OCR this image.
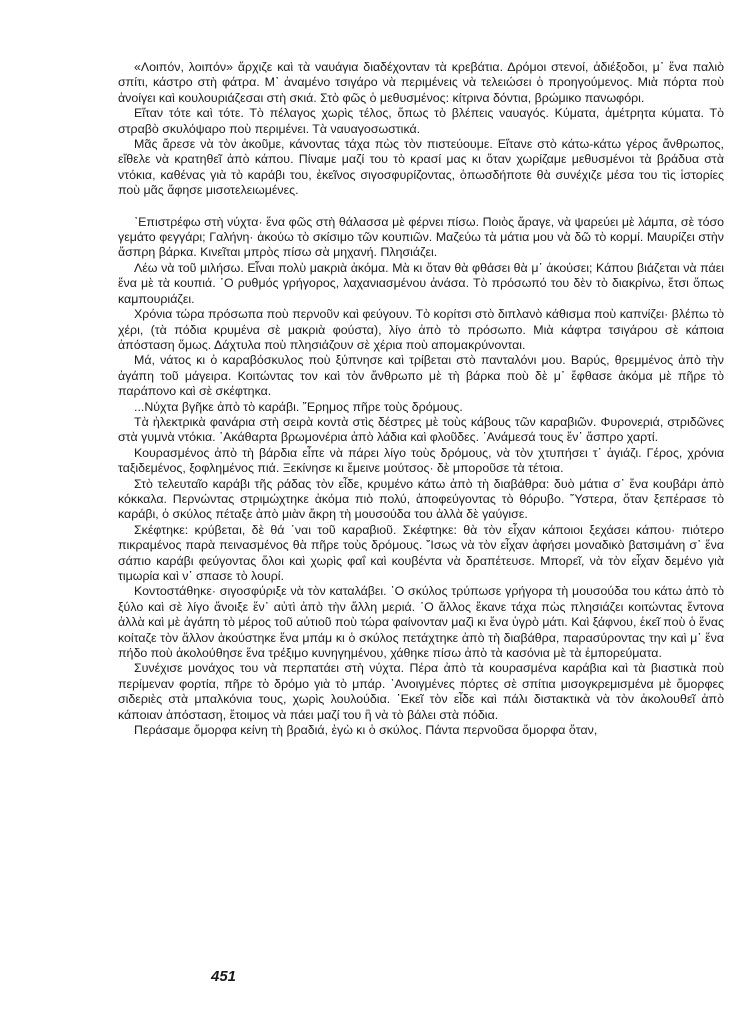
«Λοιπόν, λοιπόν» ἄρχιζε καὶ τὰ ναυάγια διαδέχονταν τὰ κρεβάτια. Δρόμοι στενοί, ἀδιέξοδοι, μ᾿ ἕνα παλιὸ σπίτι, κάστρο στὴ φάτρα. Μ᾿ ἀναμένο τσιγάρο νὰ περιμένεις νὰ τελειώσει ὁ προηγούμενος. Μιὰ πόρτα ποὺ ἀνοίγει καὶ κουλουριάζεσαι στὴ σκιά. Στὸ φῶς ὁ μεθυσμένος: κίτρινα δόντια, βρώμικο πανωφόρι.

Εἴταν τότε καὶ τότε. Τὸ πέλαγος χωρὶς τέλος, ὅπως τὸ βλέπεις ναυαγός. Κύματα, ἀμέτρητα κύματα. Τὸ στραβὸ σκυλόψαρο ποὺ περιμένει. Τὰ ναυαγοσωστικά.

Μᾶς ἄρεσε νὰ τὸν ἀκοῦμε, κάνοντας τάχα πὼς τὸν πιστεύουμε. Εἴτανε στὸ κάτω-κάτω γέρος ἄνθρωπος, εἴθελε νὰ κρατηθεῖ ἀπὸ κάπου. Πίναμε μαζί του τὸ κρασί μας κι ὅταν χωρίζαμε μεθυσμένοι τὰ βράδυα στὰ ντόκια, καθένας γιὰ τὸ καράβι του, ἐκεῖνος σιγοσφυρίζοντας, ὁπωσδήποτε θὰ συνέχιζε μέσα του τὶς ἱστορίες ποὺ μᾶς ἄφησε μισοτελειωμένες.

᾿Επιστρέφω στὴ νύχτα· ἕνα φῶς στὴ θάλασσα μὲ φέρνει πίσω. Ποιὸς ἄραγε, νὰ ψαρεύει μὲ λάμπα, σὲ τόσο γεμάτο φεγγάρι; Γαλήνη· ἀκούω τὸ σκίσιμο τῶν κουπιῶν. Μαζεύω τὰ μάτια μου νὰ δῶ τὸ κορμί. Μαυρίζει στὴν ἄσπρη βάρκα. Κινεῖται μπρὸς πίσω σὰ μηχανή. Πλησιάζει.

Λέω νὰ τοῦ μιλήσω. Εἶναι πολὺ μακριὰ ἀκόμα. Μὰ κι ὅταν θὰ φθάσει θὰ μ᾿ ἀκούσει; Κάπου βιάζεται νὰ πάει ἕνα μὲ τὰ κουπιά. ῾Ο ρυθμός γρήγορος, λαχανιασμένου ἀνάσα. Τὸ πρόσωπό του δὲν τὸ διακρίνω, ἔτσι ὅπως καμπουριάζει.

Χρόνια τώρα πρόσωπα ποὺ περνοῦν καὶ φεύγουν. Τὸ κορίτσι στὸ διπλανὸ κάθισμα ποὺ καπνίζει· βλέπω τὸ χέρι, (τὰ πόδια κρυμένα σὲ μακριὰ φούστα), λίγο ἀπὸ τὸ πρόσωπο. Μιὰ κάφτρα τσιγάρου σὲ κάποια ἀπόσταση ὅμως. Δάχτυλα ποὺ πλησιάζουν σὲ χέρια ποὺ απομακρύνονται.

Μά, νάτος κι ὁ καραβόσκυλος ποὺ ξύπνησε καὶ τρίβεται στὸ πανταλόνι μου. Βαρύς, θρεμμένος ἀπὸ τὴν ἀγάπη τοῦ μάγειρα. Κοιτώντας τον καὶ τὸν ἄνθρωπο μὲ τὴ βάρκα ποὺ δὲ μ᾿ ἔφθασε ἀκόμα μὲ πῆρε τὸ παράπονο καὶ σὲ σκέφτηκα.

...Νύχτα βγῆκε ἀπὸ τὸ καράβι. ῎Ερημος πῆρε τοὺς δρόμους.

Τὰ ἠλεκτρικὰ φανάρια στὴ σειρὰ κοντὰ στὶς δέστρες μὲ τοὺς κάβους τῶν καραβιῶν. Φυρονεριά, στριδῶνες στὰ γυμνὰ ντόκια. ᾿Ακάθαρτα βρωμονέρια ἀπὸ λάδια καὶ φλοῦδες. ᾿Ανάμεσά τους ἕν᾿ ἄσπρο χαρτί.

Κουρασμένος ἀπὸ τὴ βάρδια εἶπε νὰ πάρει λίγο τοὺς δρόμους, νὰ τὸν χτυπήσει τ᾿ ἀγιάζι. Γέρος, χρόνια ταξιδεμένος, ξοφλημένος πιά. Ξεκίνησε κι ἔμεινε μούτσος· δὲ μποροῦσε τὰ τέτοια.

Στὸ τελευταῖο καράβι τῆς ράδας τὸν εἶδε, κρυμένο κάτω ἀπὸ τὴ διαβάθρα: δυὸ μάτια σ᾿ ἕνα κουβάρι ἀπὸ κόκκαλα. Περνώντας στριμώχτηκε ἀκόμα πιὸ πολύ, ἀποφεύγοντας τὸ θόρυβο. ῞Υστερα, ὅταν ξεπέρασε τὸ καράβι, ὁ σκύλος πέταξε ἀπὸ μιὰν ἄκρη τὴ μουσούδα του ἀλλὰ δὲ γαύγισε.

Σκέφτηκε: κρύβεται, δὲ θά ῾ναι τοῦ καραβιοῦ. Σκέφτηκε: θὰ τὸν εἶχαν κάποιοι ξεχάσει κάπου· πιότερο πικραμένος παρὰ πεινασμένος θὰ πῆρε τοὺς δρόμους. ῎Ισως νὰ τὸν εἶχαν ἀφήσει μοναδικὸ βατσιμάνη σ᾿ ἕνα σάπιο καράβι φεύγοντας ὅλοι καὶ χωρὶς φαΐ καὶ κουβέντα νὰ δραπέτευσε. Μπορεῖ, νὰ τὸν εἶχαν δεμένο γιὰ τιμωρία καὶ ν᾿ σπασε τὸ λουρί.

Κοντοστάθηκε· σιγοσφύριξε νὰ τὸν καταλάβει. ῾Ο σκύλος τρύπωσε γρήγορα τὴ μουσούδα του κάτω ἀπὸ τὸ ξύλο καὶ σὲ λίγο ἄνοιξε ἕν᾿ αὐτὶ ἀπὸ τὴν ἄλλη μεριά. ῾Ο ἄλλος ἔκανε τάχα πὼς πλησιάζει κοιτώντας ἔντονα ἀλλὰ καὶ μὲ ἀγάπη τὸ μέρος τοῦ αὐτιοῦ ποὺ τώρα φαίνονταν μαζὶ κι ἕνα ὑγρὸ μάτι. Καὶ ξάφνου, ἐκεῖ ποὺ ὁ ἕνας κοίταζε τὸν ἄλλον ἀκούστηκε ἕνα μπάμ κι ὁ σκύλος πετάχτηκε ἀπὸ τὴ διαβάθρα, παρασύροντας την καὶ μ᾿ ἕνα πήδο ποὺ ἀκολούθησε ἕνα τρέξιμο κυνηγημένου, χάθηκε πίσω ἀπὸ τὰ κασόνια μὲ τὰ ἐμπορεύματα.

Συνέχισε μονάχος του νὰ περπατάει στὴ νύχτα. Πέρα ἀπὸ τὰ κουρασμένα καράβια καὶ τὰ βιαστικὰ ποὺ περίμεναν φορτία, πῆρε τὸ δρόμο γιὰ τὸ μπάρ. ᾿Ανοιγμένες πόρτες σὲ σπίτια μισογκρεμισμένα μὲ ὄμορφες σιδεριὲς στὰ μπαλκόνια τους, χωρὶς λουλούδια. ᾿Εκεῖ τὸν εἶδε καὶ πάλι διστακτικὰ νὰ τὸν ἀκολουθεῖ ἀπὸ κάποιαν ἀπόσταση, ἕτοιμος νὰ πάει μαζί του ἢ νὰ τὸ βάλει στὰ πόδια.

Περάσαμε ὄμορφα κείνη τὴ βραδιά, ἐγὼ κι ὁ σκύλος. Πάντα περνοῦσα ὄμορφα ὅταν,

451
